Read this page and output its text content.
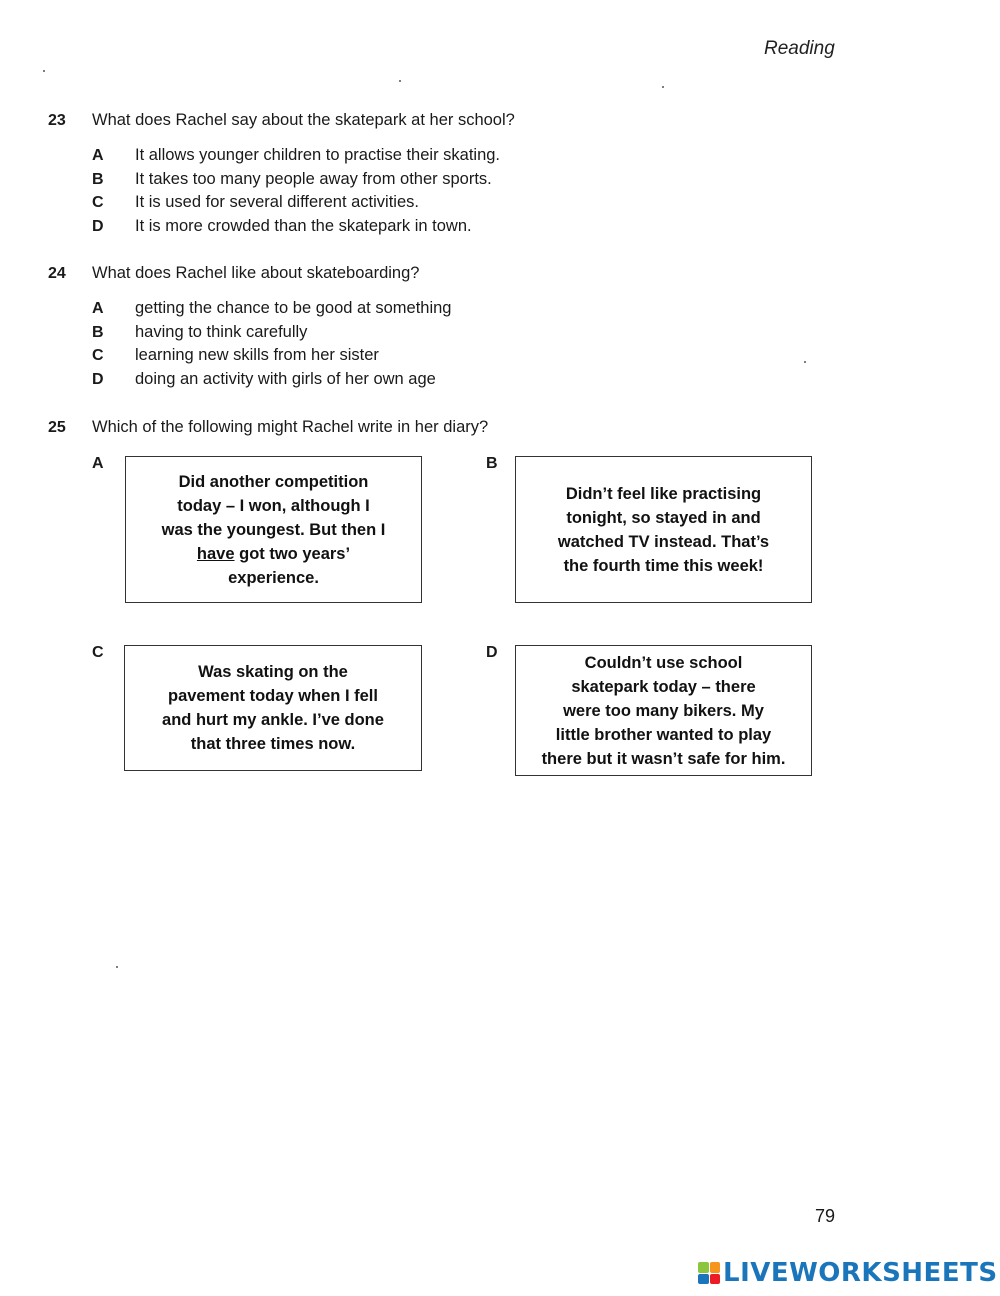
Reading
23 What does Rachel say about the skatepark at her school?
A It allows younger children to practise their skating.
B It takes too many people away from other sports.
C It is used for several different activities.
D It is more crowded than the skatepark in town.
24 What does Rachel like about skateboarding?
A getting the chance to be good at something
B having to think carefully
C learning new skills from her sister
D doing an activity with girls of her own age
25 Which of the following might Rachel write in her diary?
A
Did another competition
today – I won, although I
was the youngest. But then I
have got two years’
experience.
B
Didn’t feel like practising
tonight, so stayed in and
watched TV instead. That’s
the fourth time this week!
C
Was skating on the
pavement today when I fell
and hurt my ankle. I’ve done
that three times now.
D
Couldn’t use school
skatepark today – there
were too many bikers. My
little brother wanted to play
there but it wasn’t safe for him.
79
LIVEWORKSHEETS
